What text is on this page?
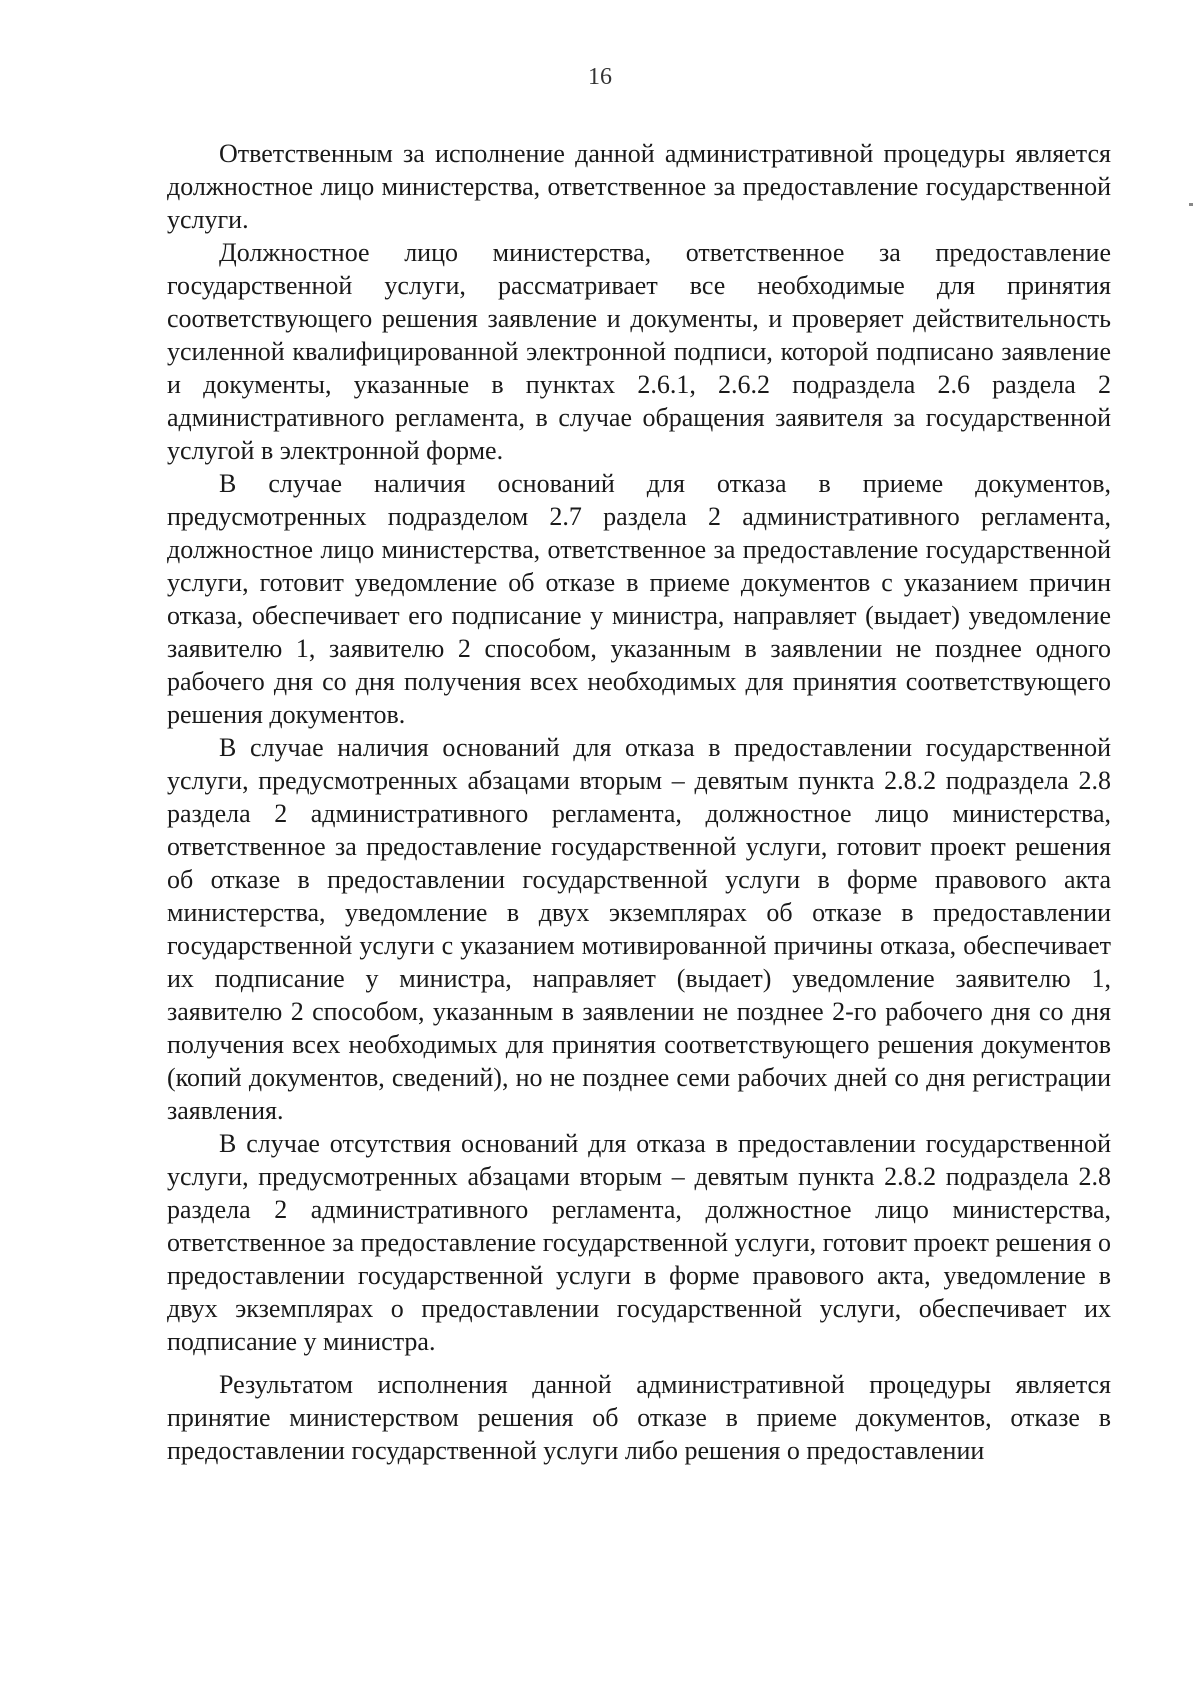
16

Ответственным за исполнение данной административной процедуры является должностное лицо министерства, ответственное за предоставление государственной услуги.

Должностное лицо министерства, ответственное за предоставление государственной услуги, рассматривает все необходимые для принятия соответствующего решения заявление и документы, и проверяет действительность усиленной квалифицированной электронной подписи, которой подписано заявление и документы, указанные в пунктах 2.6.1, 2.6.2 подраздела 2.6 раздела 2 административного регламента, в случае обращения заявителя за государственной услугой в электронной форме.

В случае наличия оснований для отказа в приеме документов, предусмотренных подразделом 2.7 раздела 2 административного регламента, должностное лицо министерства, ответственное за предоставление государственной услуги, готовит уведомление об отказе в приеме документов с указанием причин отказа, обеспечивает его подписание у министра, направляет (выдает) уведомление заявителю 1, заявителю 2 способом, указанным в заявлении не позднее одного рабочего дня со дня получения всех необходимых для принятия соответствующего решения документов.

В случае наличия оснований для отказа в предоставлении государственной услуги, предусмотренных абзацами вторым – девятым пункта 2.8.2 подраздела 2.8 раздела 2 административного регламента, должностное лицо министерства, ответственное за предоставление государственной услуги, готовит проект решения об отказе в предоставлении государственной услуги в форме правового акта министерства, уведомление в двух экземплярах об отказе в предоставлении государственной услуги с указанием мотивированной причины отказа, обеспечивает их подписание у министра, направляет (выдает) уведомление заявителю 1, заявителю 2 способом, указанным в заявлении не позднее 2-го рабочего дня со дня получения всех необходимых для принятия соответствующего решения документов (копий документов, сведений), но не позднее семи рабочих дней со дня регистрации заявления.

В случае отсутствия оснований для отказа в предоставлении государственной услуги, предусмотренных абзацами вторым – девятым пункта 2.8.2 подраздела 2.8 раздела 2 административного регламента, должностное лицо министерства, ответственное за предоставление государственной услуги, готовит проект решения о предоставлении государственной услуги в форме правового акта, уведомление в двух экземплярах о предоставлении государственной услуги, обеспечивает их подписание у министра.

Результатом исполнения данной административной процедуры является принятие министерством решения об отказе в приеме документов, отказе в предоставлении государственной услуги либо решения о предоставлении
